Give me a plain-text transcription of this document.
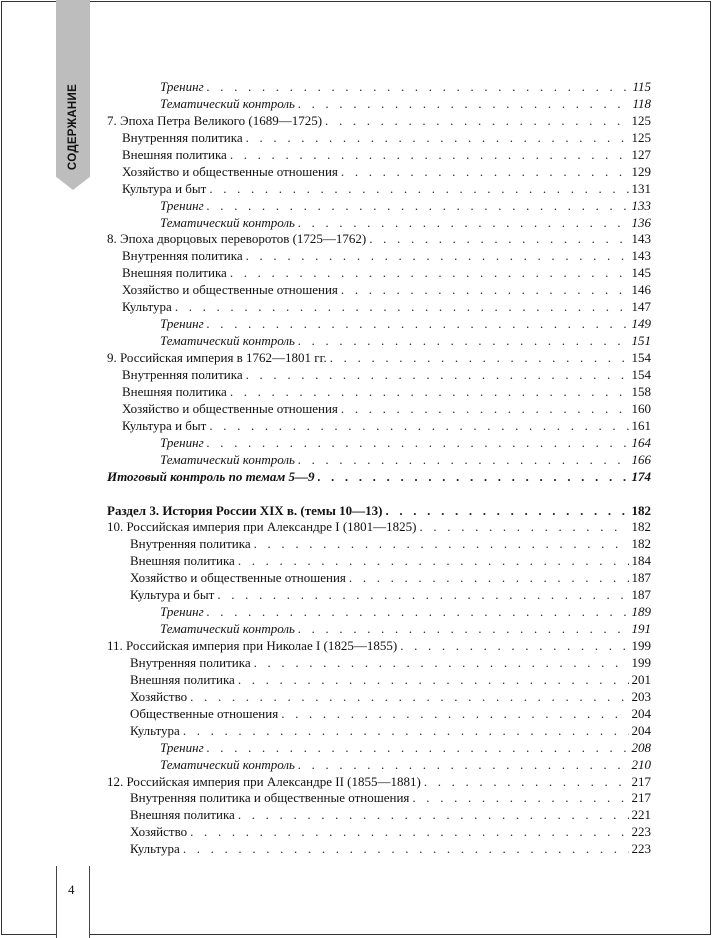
СОДЕРЖАНИЕ
4
Тренинг . . .	115
Тематический контроль . . .	118
7. Эпоха Петра Великого (1689—1725) . . .	125
Внутренняя политика . . .	125
Внешняя политика . . .	127
Хозяйство и общественные отношения . . .	129
Культура и быт . . .	131
Тренинг . . .	133
Тематический контроль . . .	136
8. Эпоха дворцовых переворотов (1725—1762) . . .	143
Внутренняя политика . . .	143
Внешняя политика . . .	145
Хозяйство и общественные отношения . . .	146
Культура . . .	147
Тренинг . . .	149
Тематический контроль . . .	151
9. Российская империя в 1762—1801 гг. . . .	154
Внутренняя политика . . .	154
Внешняя политика . . .	158
Хозяйство и общественные отношения . . .	160
Культура и быт . . .	161
Тренинг . . .	164
Тематический контроль . . .	166
Итоговый контроль по темам 5—9 . . .	174
Раздел 3. История России XIX в. (темы 10—13) . . .	182
10. Российская империя при Александре I (1801—1825) . . .	182
Внутренняя политика . . .	182
Внешняя политика . . .	184
Хозяйство и общественные отношения . . .	187
Культура и быт . . .	187
Тренинг . . .	189
Тематический контроль . . .	191
11. Российская империя при Николае I (1825—1855) . . .	199
Внутренняя политика . . .	199
Внешняя политика . . .	201
Хозяйство . . .	203
Общественные отношения . . .	204
Культура . . .	204
Тренинг . . .	208
Тематический контроль . . .	210
12. Российская империя при Александре II (1855—1881) . . .	217
Внутренняя политика и общественные отношения . . .	217
Внешняя политика . . .	221
Хозяйство . . .	223
Культура . . .	223
